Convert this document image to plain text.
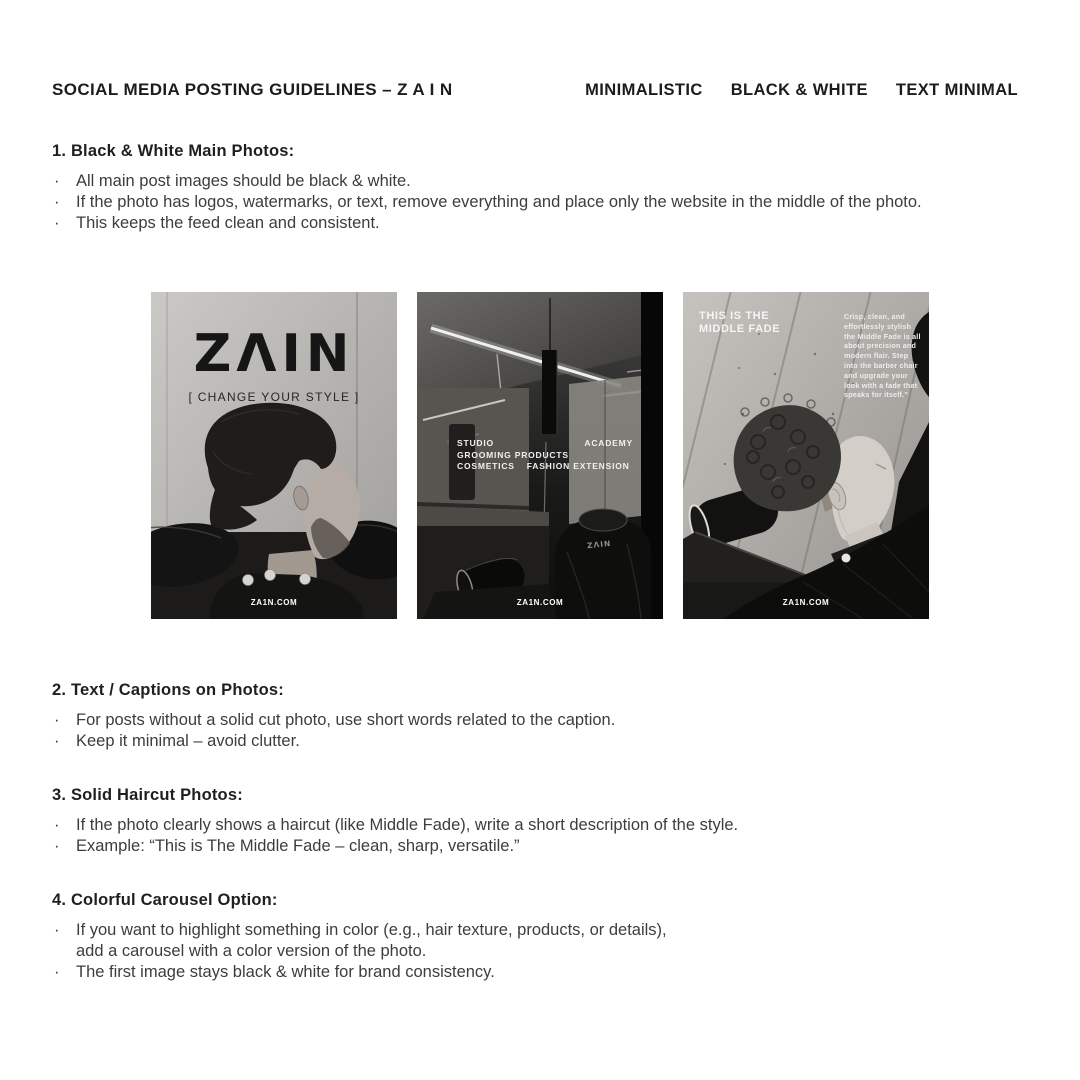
SOCIAL MEDIA POSTING GUIDELINES – Z A I N	MINIMALISTIC BLACK & WHITE TEXT MINIMAL
1. Black & White Main Photos:
· All main post images should be black & white.
· If the photo has logos, watermarks, or text, remove everything and place only the website in the middle of the photo.
· This keeps the feed clean and consistent.
ZΛIN
[ CHANGE YOUR STYLE ]
ZA1N.COM
STUDIO	ACADEMY
GROOMING PRODUCTS
COSMETICS FASHION EXTENSION
ZΛIN
ZA1N.COM
THIS IS THE
MIDDLE FADE
Crisp, clean, and effortlessly stylish the Middle Fade is all about precision and modern flair. Step into the barber chair and upgrade your look with a fade that speaks for itself.”
ZA1N.COM
2. Text / Captions on Photos:
· For posts without a solid cut photo, use short words related to the caption.
· Keep it minimal – avoid clutter.
3. Solid Haircut Photos:
· If the photo clearly shows a haircut (like Middle Fade), write a short description of the style.
· Example: “This is The Middle Fade – clean, sharp, versatile.”
4. Colorful Carousel Option:
· If you want to highlight something in color (e.g., hair texture, products, or details),
add a carousel with a color version of the photo.
· The first image stays black & white for brand consistency.
